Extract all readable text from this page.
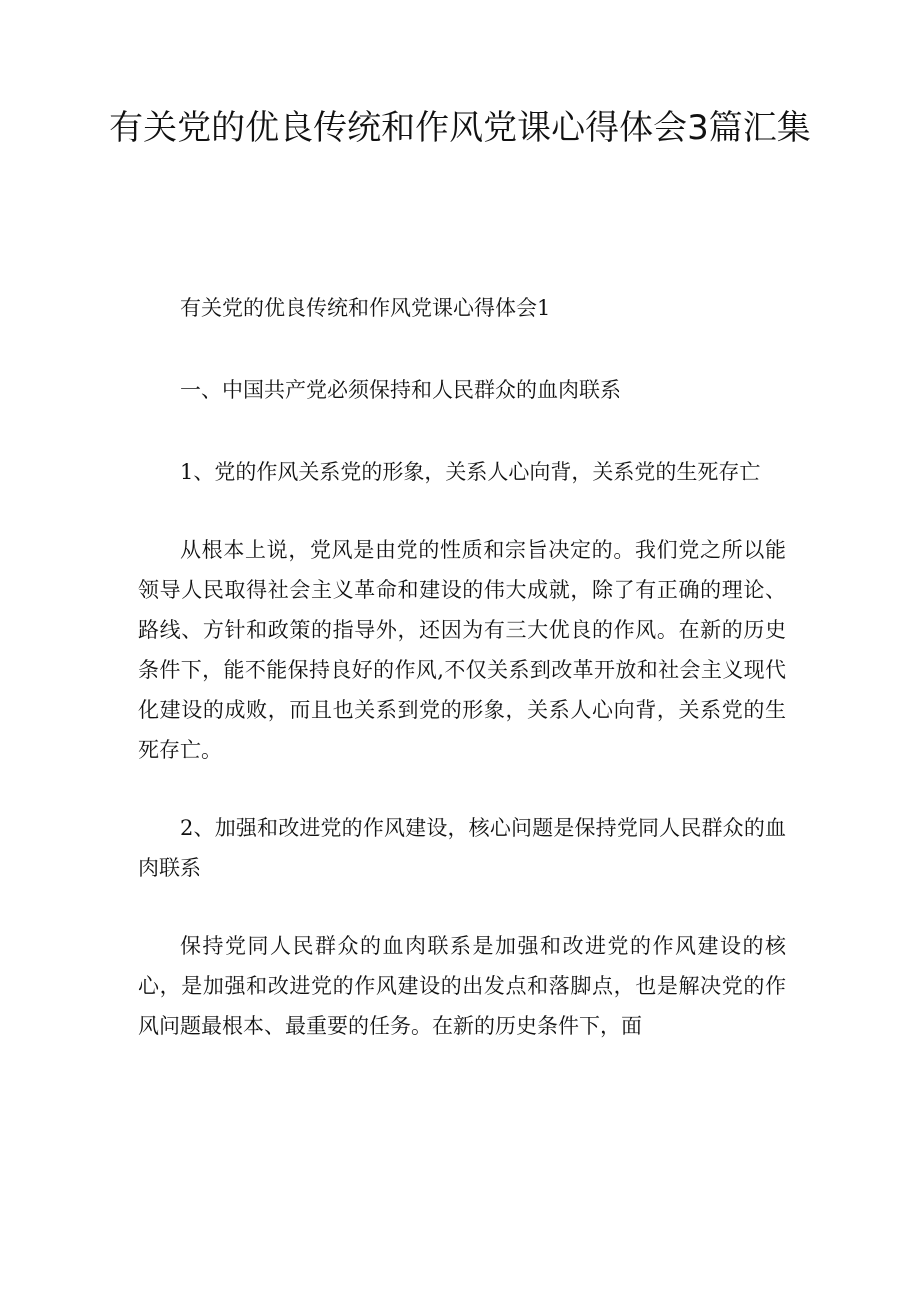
有关党的优良传统和作风党课心得体会3篇汇集

有关党的优良传统和作风党课心得体会1

一、中国共产党必须保持和人民群众的血肉联系

1、党的作风关系党的形象，关系人心向背，关系党的生死存亡

从根本上说，党风是由党的性质和宗旨决定的。我们党之所以能领导人民取得社会主义革命和建设的伟大成就，除了有正确的理论、路线、方针和政策的指导外，还因为有三大优良的作风。在新的历史条件下，能不能保持良好的作风,不仅关系到改革开放和社会主义现代化建设的成败，而且也关系到党的形象，关系人心向背，关系党的生死存亡。

2、加强和改进党的作风建设，核心问题是保持党同人民群众的血肉联系

保持党同人民群众的血肉联系是加强和改进党的作风建设的核心，是加强和改进党的作风建设的出发点和落脚点，也是解决党的作风问题最根本、最重要的任务。在新的历史条件下，面
